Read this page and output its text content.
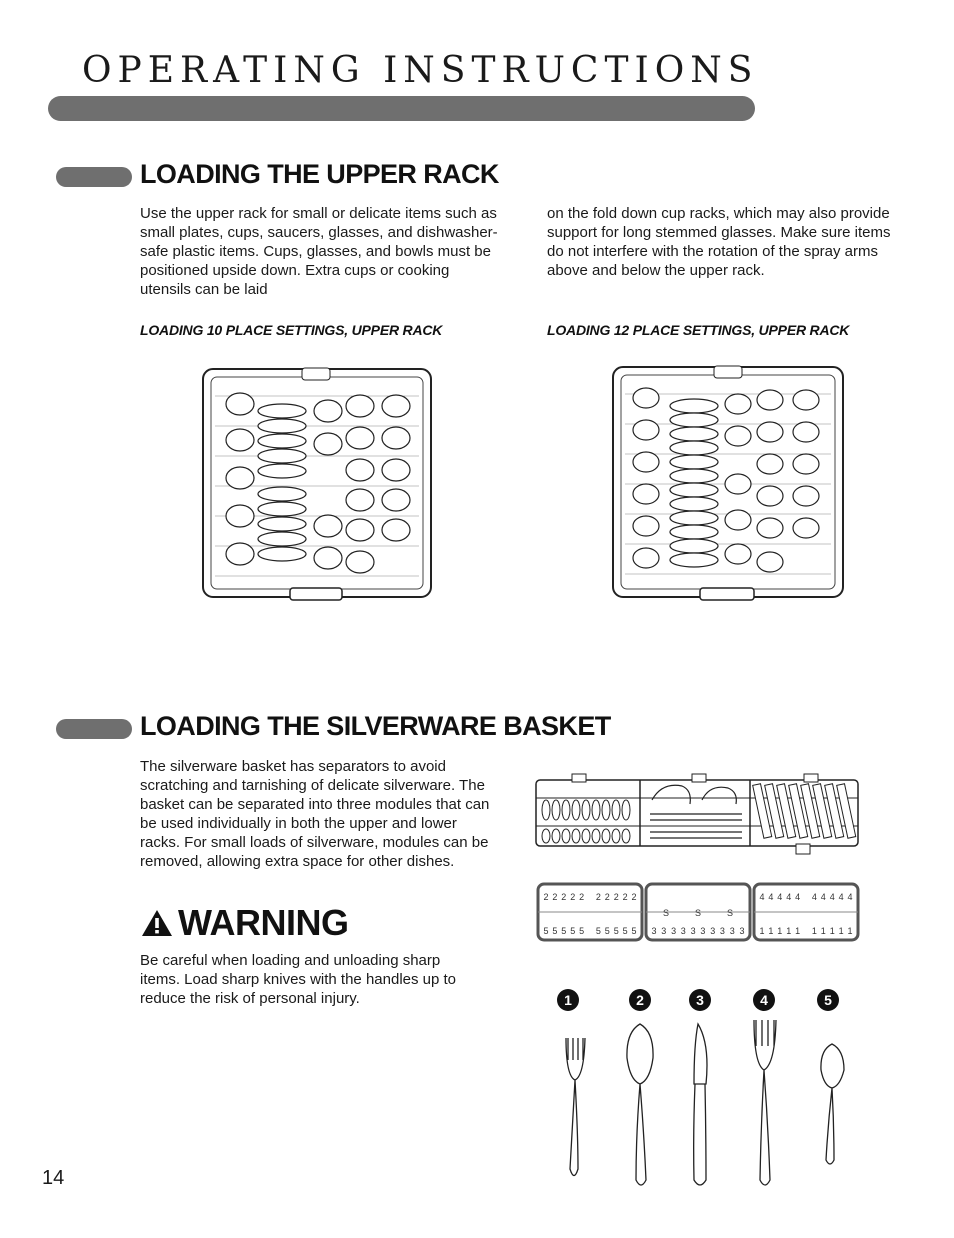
OPERATING INSTRUCTIONS
LOADING THE UPPER RACK

Use the upper rack for small or delicate items such as small plates, cups, saucers, glasses, and dishwasher-safe plastic items. Cups, glasses, and bowls must be positioned upside down. Extra cups or cooking utensils can be laid

on the fold down cup racks, which may also provide support for long stemmed glasses. Make sure items do not interfere with the rotation of the spray arms above and below the upper rack.

LOADING 10 PLACE SETTINGS, UPPER RACK	LOADING 12 PLACE SETTINGS, UPPER RACK

LOADING THE SILVERWARE BASKET

The silverware basket has separators to avoid scratching and tarnishing of delicate silverware. The basket can be separated into three modules that can be used individually in both the upper and lower racks. For small loads of silverware, modules can be removed, allowing extra space for other dishes.

2 2 2 2 2 2 2 2 2 2
5 5 5 5 5 5 5 5 5 5
S	S	S
3 3 3 3 3 3 3 3 3 3
4 4 4 4 4 4 4 4 4 4
1 1 1 1 1 1 1 1 1 1
1	2	3	4	5
WARNING

Be careful when loading and unloading sharp items. Load sharp knives with the handles up to reduce the risk of personal injury.

14
